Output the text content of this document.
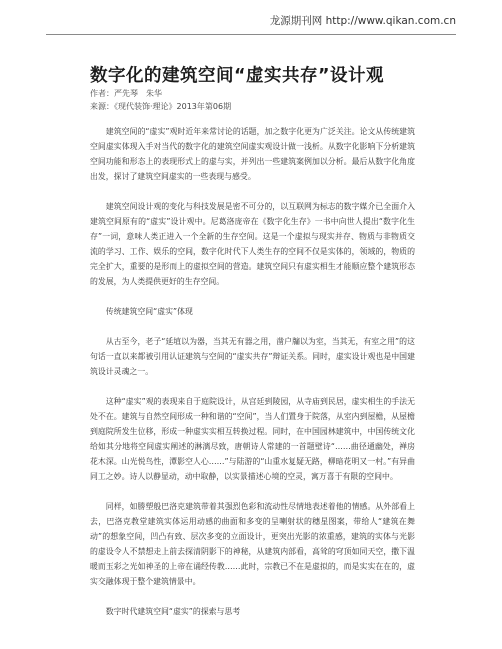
龙源期刊网 http://www.qikan.com.cn
数字化的建筑空间“虚实共存”设计观
作者：严先琴　朱华
来源：《现代装饰·理论》2013年第06期

建筑空间的“虚实”观时近年来常讨论的话题，加之数字化更为广泛关注。论文从传统建筑空间虚实体现入手对当代的数字化的建筑空间虚实观设计做一浅析。从数字化影响下分析建筑空间功能和形态上的表现形式上的虚与实，并列出一些建筑案例加以分析。最后从数字化角度出发，探讨了建筑空间虚实的一些表现与感受。

建筑空间设计观的变化与科技发展是密不可分的，以互联网为标志的数字媒介已全面介入建筑空间原有的“虚实”设计观中。尼葛洛庞帝在《数字化生存》一书中向世人提出“数字化生存”一词，意味人类正进入一个全新的生存空间。这是一个虚拟与现实并存、物质与非物质交流的学习、工作、娱乐的空间，数字化时代下人类生存的空间不仅是实体的，领域的，物质的完全扩大，重要的是形而上的虚拟空间的营造。建筑空间只有虚实相生才能顺应整个建筑形态的发展，为人类提供更好的生存空间。

传统建筑空间“虚实”体现

从古至今，老子“延埴以为器，当其无有器之用，凿户牖以为室，当其无，有室之用”的这句话一直以来都被引用认证建筑与空间的“虚实共存”辩证关系。同时，虚实设计观也是中国建筑设计灵魂之一。

这种“虚实”观的表现来自于庭院设计，从宫廷到陵园，从寺庙到民居，虚实相生的手法无处不在。建筑与自然空间形成一种和谐的“空间”，当人们置身于院落，从室内到屋檐，从屋檐到庭院所发生位移，形成一种虚实实相互转换过程。同时，在中国园林建筑中，中国传统文化给如其分地将空间虚实阐述的淋漓尽致，唐朝诗人常建的一首题壁诗“……曲径通幽处，禅房花木深。山光悦鸟性，潭影空人心……”与陆游的“山重水复疑无路，柳暗花明又一村。”有异曲同工之妙。诗人以静显动，动中取静，以实景描述心境的空灵，寓万喜于有限的空间中。

同样，如勝塑般巴洛克建筑带着其强烈色彩和流动性尽情地表述着他的情感。从外部看上去，巴洛克教堂建筑实体运用动感的曲面和多变的呈喇射状的穗星图案，带给人“建筑在舞动”的想象空间，凹凸有致、层次多变的立面设计，更突出光影的浓重感，建筑的实体与光影的虚设令人不禁想走上前去探清阴影下的神秘，从建筑内部看，高耸的穹顶如同天空，撒下温暖而玉彩之光如神圣的上帝在诵经传教……此时，宗教已不在是虚拟的，而是实实在在的，虚实交融体现于整个建筑情景中。

数字时代建筑空间“虚实”的探索与思考
